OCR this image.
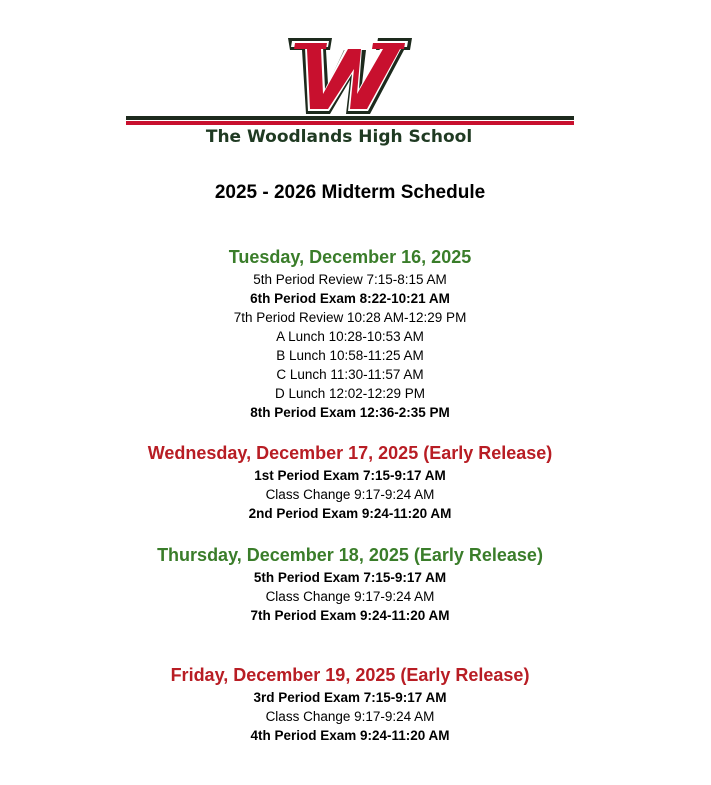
The Woodlands High School
2025 - 2026 Midterm Schedule
Tuesday, December 16, 2025
5th Period Review 7:15-8:15 AM
6th Period Exam 8:22-10:21 AM
7th Period Review 10:28 AM-12:29 PM
A Lunch 10:28-10:53 AM
B Lunch 10:58-11:25 AM
C Lunch 11:30-11:57 AM
D Lunch 12:02-12:29 PM
8th Period Exam 12:36-2:35 PM
Wednesday, December 17, 2025 (Early Release)
1st Period Exam 7:15-9:17 AM
Class Change 9:17-9:24 AM
2nd Period Exam 9:24-11:20 AM
Thursday, December 18, 2025 (Early Release)
5th Period Exam 7:15-9:17 AM
Class Change 9:17-9:24 AM
7th Period Exam 9:24-11:20 AM
Friday, December 19, 2025 (Early Release)
3rd Period Exam 7:15-9:17 AM
Class Change 9:17-9:24 AM
4th Period Exam 9:24-11:20 AM
